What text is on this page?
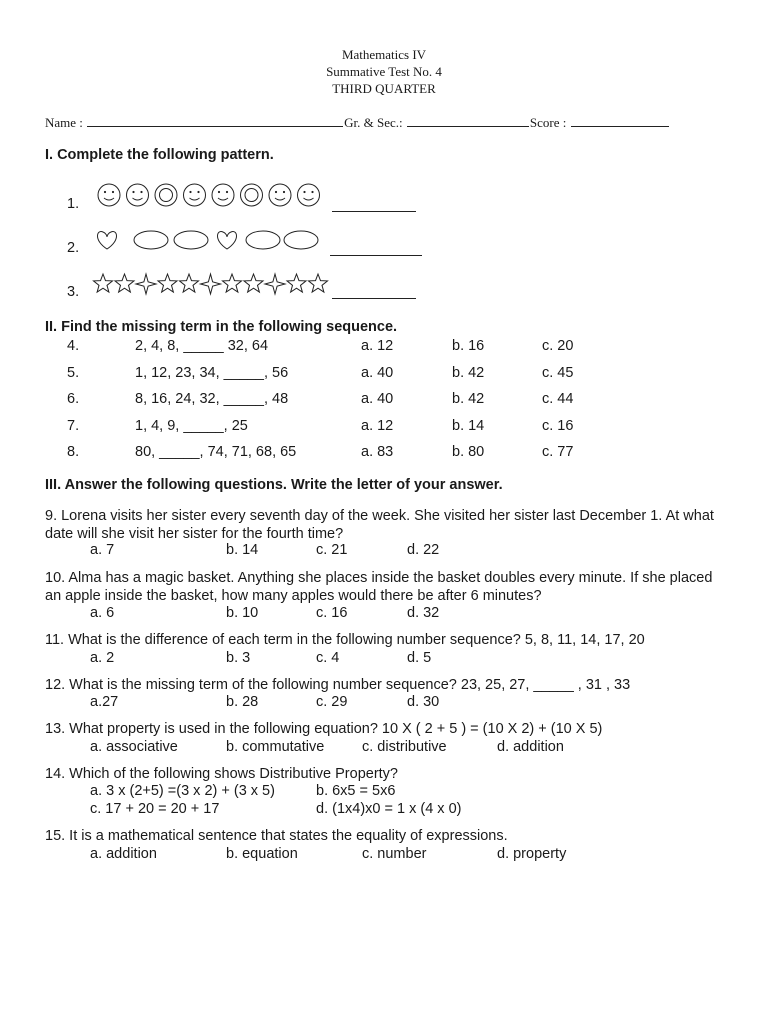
Mathematics IV
Summative Test No. 4
THIRD QUARTER
Name :	Gr. & Sec.:	Score :
I. Complete the following pattern.
1.
2.
3.
II. Find the missing term in the following sequence.
4.	2, 4, 8, _____ 32, 64	a. 12	b. 16	c. 20
5.	1, 12, 23, 34, _____, 56	a. 40	b. 42	c. 45
6.	8, 16, 24, 32, _____, 48	a. 40	b. 42	c. 44
7.	1, 4, 9, _____, 25	a. 12	b. 14	c. 16
8.	80, _____, 74, 71, 68, 65	a. 83	b. 80	c. 77
III. Answer the following questions. Write the letter of your answer.
9. Lorena visits her sister every seventh day of the week. She visited her sister last December 1. At what date will she visit her sister for the fourth time?
a. 7	b. 14	c. 21	d. 22
10. Alma has a magic basket. Anything she places inside the basket doubles every minute. If she placed an apple inside the basket, how many apples would there be after 6 minutes?
a. 6	b. 10	c. 16	d. 32
11. What is the difference of each term in the following number sequence? 5, 8, 11, 14, 17, 20
a. 2	b. 3	c. 4	d. 5
12. What is the missing term of the following number sequence? 23, 25, 27, _____ , 31 , 33
a.27	b. 28	c. 29	d. 30
13. What property is used in the following equation? 10 X ( 2 + 5 ) = (10 X 2) + (10 X 5)
a. associative	b. commutative	c. distributive	d. addition
14. Which of the following shows Distributive Property?
a. 3 x (2+5) =(3 x 2) + (3 x 5)	b. 6x5 = 5x6
c. 17 + 20 = 20 + 17	d. (1x4)x0 = 1 x (4 x 0)
15. It is a mathematical sentence that states the equality of expressions.
a. addition	b. equation	c. number	d. property
